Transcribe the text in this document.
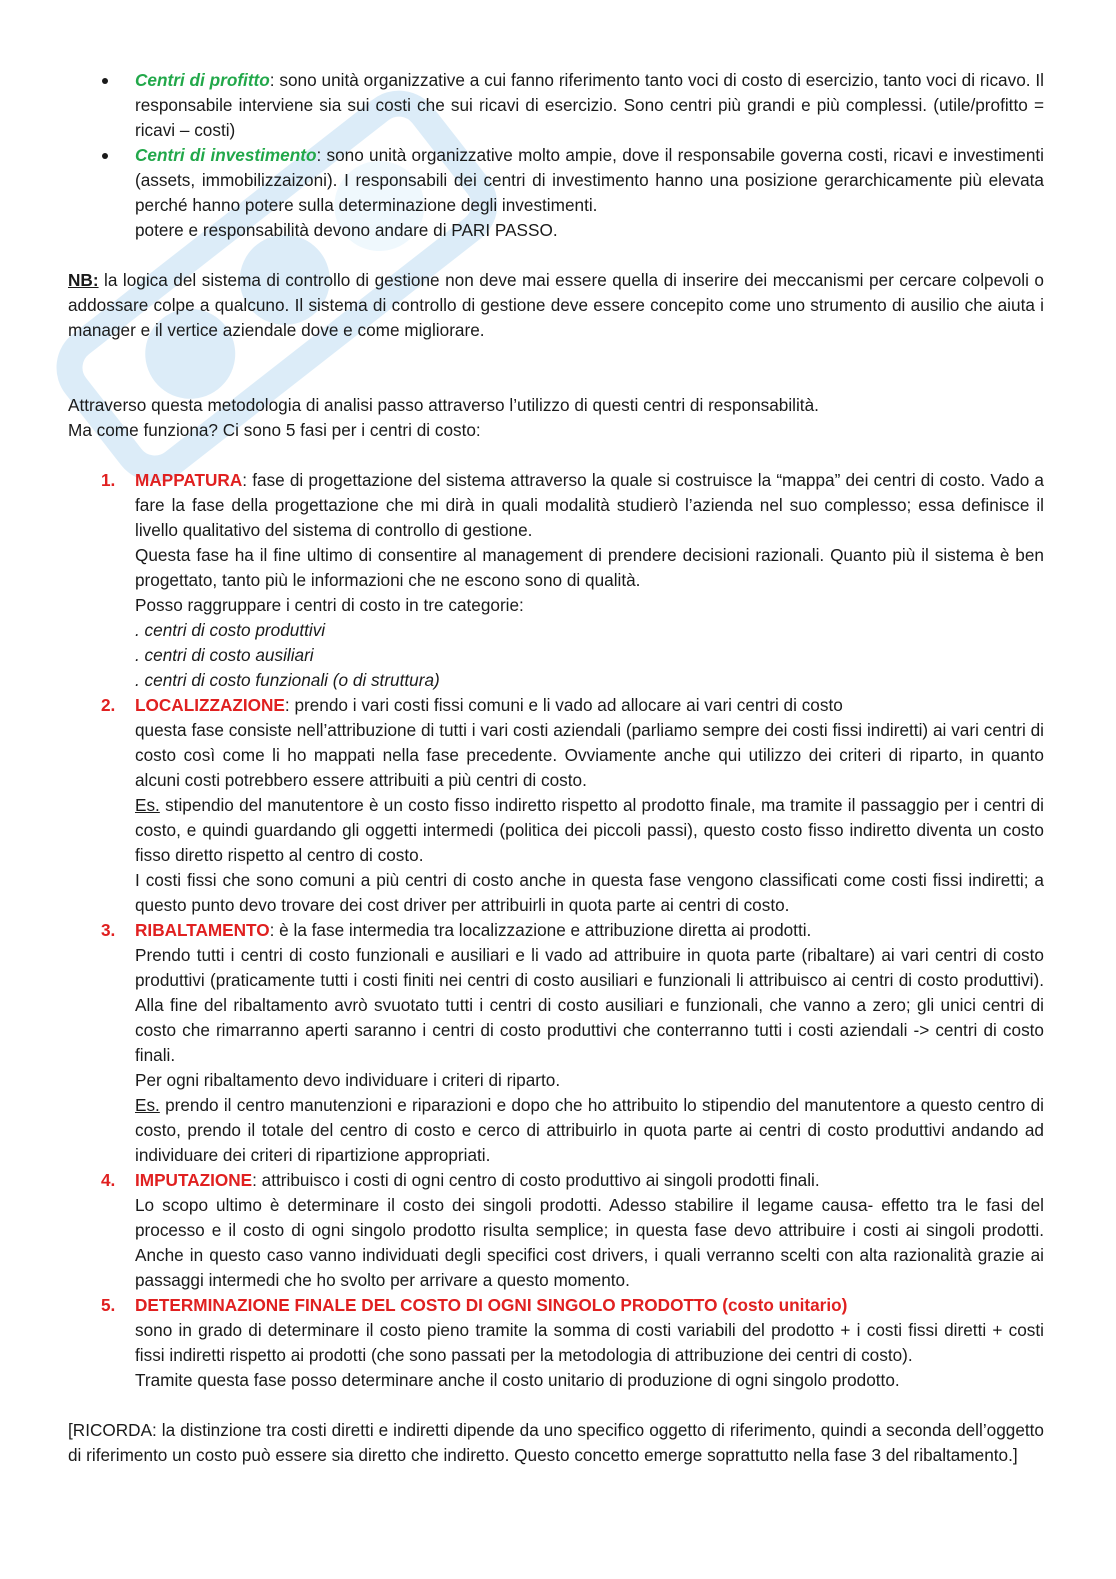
Centri di profitto: sono unità organizzative a cui fanno riferimento tanto voci di costo di esercizio, tanto voci di ricavo. Il responsabile interviene sia sui costi che sui ricavi di esercizio. Sono centri più grandi e più complessi. (utile/profitto = ricavi – costi)
Centri di investimento: sono unità organizzative molto ampie, dove il responsabile governa costi, ricavi e investimenti (assets, immobilizzaizoni). I responsabili dei centri di investimento hanno una posizione gerarchicamente più elevata perché hanno potere sulla determinazione degli investimenti.
potere e responsabilità devono andare di PARI PASSO.

NB: la logica del sistema di controllo di gestione non deve mai essere quella di inserire dei meccanismi per cercare colpevoli o addossare colpe a qualcuno. Il sistema di controllo di gestione deve essere concepito come uno strumento di ausilio che aiuta i manager e il vertice aziendale dove e come migliorare.

Attraverso questa metodologia di analisi passo attraverso l’utilizzo di questi centri di responsabilità.

Ma come funziona? Ci sono 5 fasi per i centri di costo:

1. MAPPATURA: fase di progettazione del sistema attraverso la quale si costruisce la “mappa” dei centri di costo. Vado a fare la fase della progettazione che mi dirà in quali modalità studierò l’azienda nel suo complesso; essa definisce il livello qualitativo del sistema di controllo di gestione.
Questa fase ha il fine ultimo di consentire al management di prendere decisioni razionali. Quanto più il sistema è ben progettato, tanto più le informazioni che ne escono sono di qualità.
Posso raggruppare i centri di costo in tre categorie:
. centri di costo produttivi
. centri di costo ausiliari
. centri di costo funzionali (o di struttura)
2. LOCALIZZAZIONE: prendo i vari costi fissi comuni e li vado ad allocare ai vari centri di costo
questa fase consiste nell’attribuzione di tutti i vari costi aziendali (parliamo sempre dei costi fissi indiretti) ai vari centri di costo così come li ho mappati nella fase precedente. Ovviamente anche qui utilizzo dei criteri di riparto, in quanto alcuni costi potrebbero essere attribuiti a più centri di costo.
Es. stipendio del manutentore è un costo fisso indiretto rispetto al prodotto finale, ma tramite il passaggio per i centri di costo, e quindi guardando gli oggetti intermedi (politica dei piccoli passi), questo costo fisso indiretto diventa un costo fisso diretto rispetto al centro di costo.
I costi fissi che sono comuni a più centri di costo anche in questa fase vengono classificati come costi fissi indiretti; a questo punto devo trovare dei cost driver per attribuirli in quota parte ai centri di costo.
3. RIBALTAMENTO: è la fase intermedia tra localizzazione e attribuzione diretta ai prodotti.
Prendo tutti i centri di costo funzionali e ausiliari e li vado ad attribuire in quota parte (ribaltare) ai vari centri di costo produttivi (praticamente tutti i costi finiti nei centri di costo ausiliari e funzionali li attribuisco ai centri di costo produttivi). Alla fine del ribaltamento avrò svuotato tutti i centri di costo ausiliari e funzionali, che vanno a zero; gli unici centri di costo che rimarranno aperti saranno i centri di costo produttivi che conterranno tutti i costi aziendali -> centri di costo finali.
Per ogni ribaltamento devo individuare i criteri di riparto.
Es. prendo il centro manutenzioni e riparazioni e dopo che ho attribuito lo stipendio del manutentore a questo centro di costo, prendo il totale del centro di costo e cerco di attribuirlo in quota parte ai centri di costo produttivi andando ad individuare dei criteri di ripartizione appropriati.
4. IMPUTAZIONE: attribuisco i costi di ogni centro di costo produttivo ai singoli prodotti finali.
Lo scopo ultimo è determinare il costo dei singoli prodotti. Adesso stabilire il legame causa- effetto tra le fasi del processo e il costo di ogni singolo prodotto risulta semplice; in questa fase devo attribuire i costi ai singoli prodotti. Anche in questo caso vanno individuati degli specifici cost drivers, i quali verranno scelti con alta razionalità grazie ai passaggi intermedi che ho svolto per arrivare a questo momento.
5. DETERMINAZIONE FINALE DEL COSTO DI OGNI SINGOLO PRODOTTO (costo unitario)
sono in grado di determinare il costo pieno tramite la somma di costi variabili del prodotto + i costi fissi diretti + costi fissi indiretti rispetto ai prodotti (che sono passati per la metodologia di attribuzione dei centri di costo).
Tramite questa fase posso determinare anche il costo unitario di produzione di ogni singolo prodotto.

[RICORDA: la distinzione tra costi diretti e indiretti dipende da uno specifico oggetto di riferimento, quindi a seconda dell’oggetto di riferimento un costo può essere sia diretto che indiretto. Questo concetto emerge soprattutto nella fase 3 del ribaltamento.]
